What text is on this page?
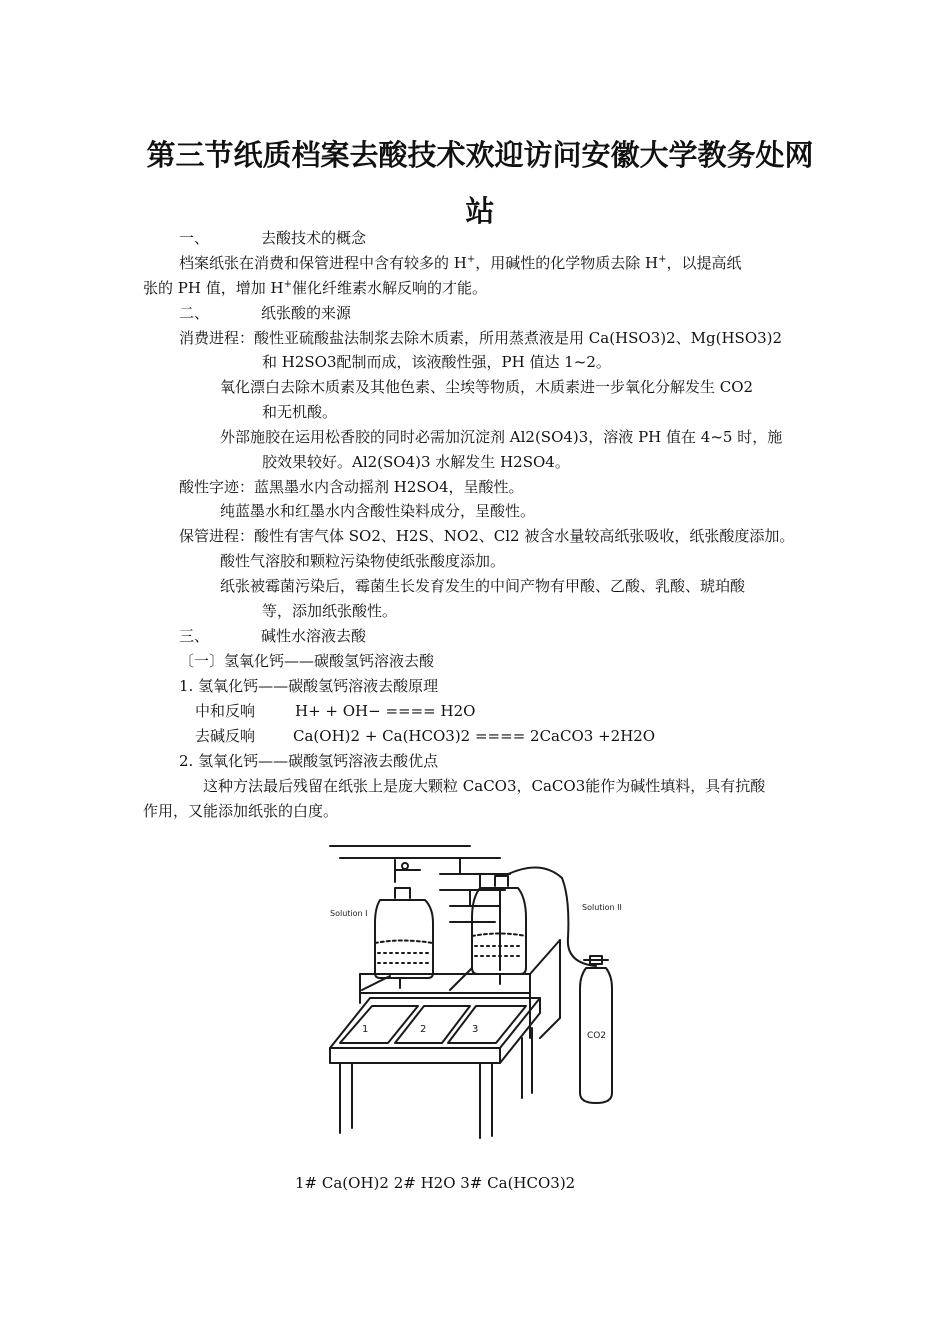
第三节纸质档案去酸技术欢迎访问安徽大学教务处网
站
一、	去酸技术的概念
档案纸张在消费和保管进程中含有较多的 H+，用碱性的化学物质去除 H+，以提高纸
张的 PH 值，增加 H+催化纤维素水解反响的才能。
二、	纸张酸的来源
消费进程：酸性亚硫酸盐法制浆去除木质素，所用蒸煮液是用 Ca(HSO3)2、Mg(HSO3)2
和 H2SO3配制而成，该液酸性强，PH 值达 1~2。
氧化漂白去除木质素及其他色素、尘埃等物质，木质素进一步氧化分解发生 CO2
和无机酸。
外部施胶在运用松香胶的同时必需加沉淀剂 Al2(SO4)3，溶液 PH 值在 4~5 时，施
胶效果较好。Al2(SO4)3 水解发生 H2SO4。
酸性字迹：蓝黑墨水内含动摇剂 H2SO4，呈酸性。
纯蓝墨水和红墨水内含酸性染料成分，呈酸性。
保管进程：酸性有害气体 SO2、H2S、NO2、Cl2 被含水量较高纸张吸收，纸张酸度添加。
酸性气溶胶和颗粒污染物使纸张酸度添加。
纸张被霉菌污染后，霉菌生长发育发生的中间产物有甲酸、乙酸、乳酸、琥珀酸
等，添加纸张酸性。
三、	碱性水溶液去酸
〔一〕氢氧化钙——碳酸氢钙溶液去酸
1. 氢氧化钙——碳酸氢钙溶液去酸原理
中和反响	H+ + OH− ==== H2O
去碱反响	Ca(OH)2 + Ca(HCO3)2 ==== 2CaCO3 +2H2O
2. 氢氧化钙——碳酸氢钙溶液去酸优点
这种方法最后残留在纸张上是庞大颗粒 CaCO3，CaCO3能作为碱性填料，具有抗酸
作用，又能添加纸张的白度。
Solution I
Solution II
CO2
1	2	3
1# Ca(OH)2 2# H2O 3# Ca(HCO3)2
